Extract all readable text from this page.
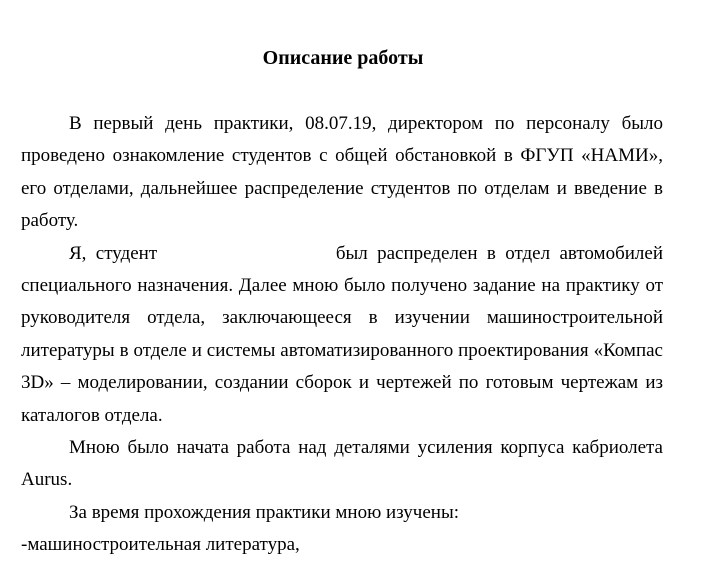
Описание работы

В первый день практики, 08.07.19, директором по персоналу было проведено ознакомление студентов с общей обстановкой в ФГУП «НАМИ», его отделами, дальнейшее распределение студентов по отделам и введение в работу.

Я, студент	был распределен в отдел автомобилей специального назначения. Далее мною было получено задание на практику от руководителя отдела, заключающееся в изучении машиностроительной литературы в отделе и системы автоматизированного проектирования «Компас 3D» – моделировании, создании сборок и чертежей по готовым чертежам из каталогов отдела.

Мною было начата работа над деталями усиления корпуса кабриолета Aurus.

За время прохождения практики мною изучены:

-машиностроительная литература,
